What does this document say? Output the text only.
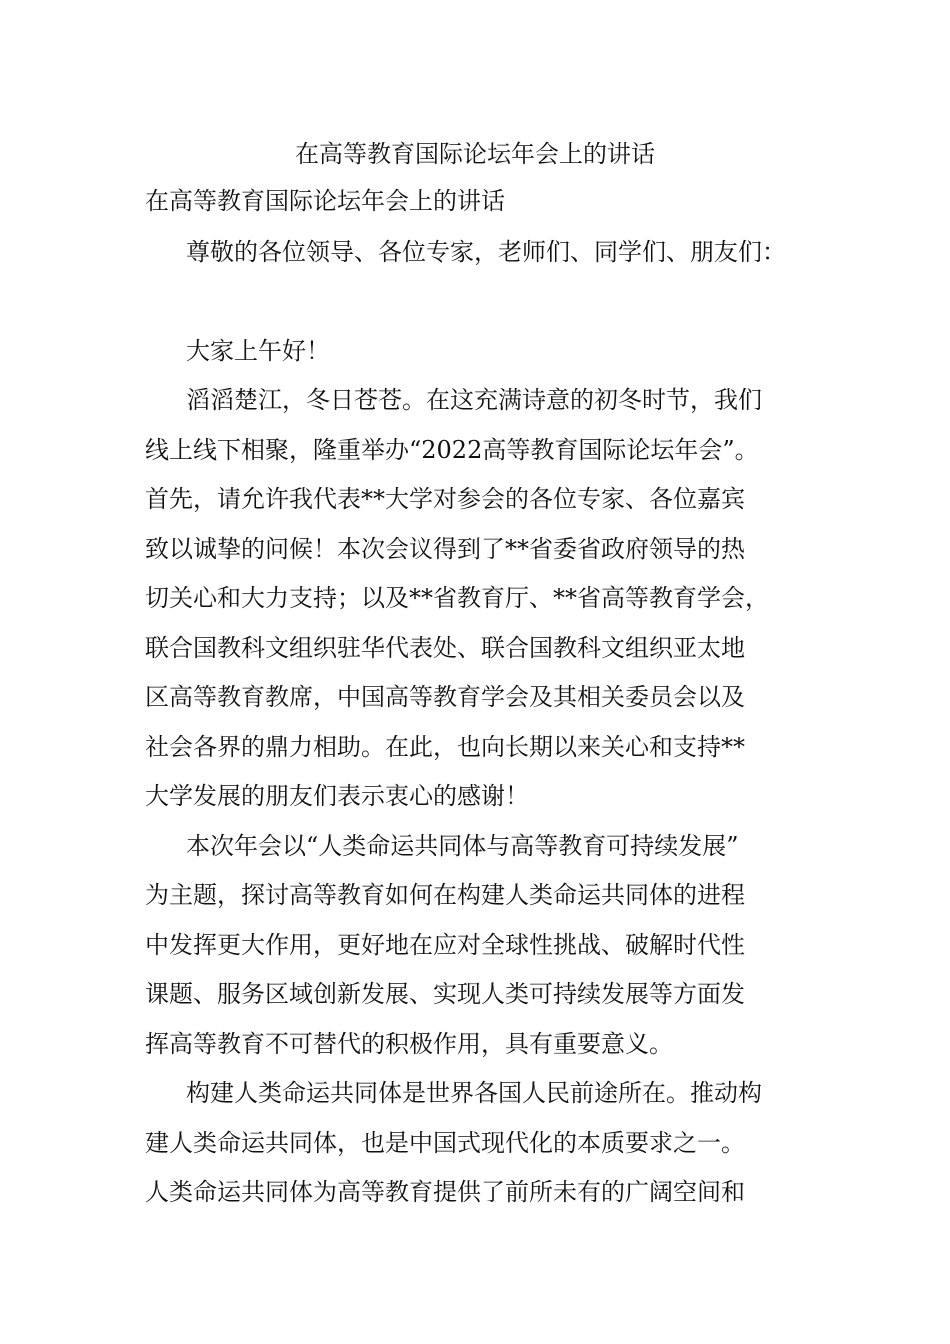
在高等教育国际论坛年会上的讲话
在高等教育国际论坛年会上的讲话
尊敬的各位领导、各位专家，老师们、同学们、朋友们：
大家上午好！
滔滔楚江，冬日苍苍。在这充满诗意的初冬时节，我们
线上线下相聚，隆重举办“2022高等教育国际论坛年会”。
首先，请允许我代表**大学对参会的各位专家、各位嘉宾
致以诚挚的问候！本次会议得到了**省委省政府领导的热
切关心和大力支持；以及**省教育厅、**省高等教育学会，
联合国教科文组织驻华代表处、联合国教科文组织亚太地
区高等教育教席，中国高等教育学会及其相关委员会以及
社会各界的鼎力相助。在此，也向长期以来关心和支持**
大学发展的朋友们表示衷心的感谢！
本次年会以“人类命运共同体与高等教育可持续发展”
为主题，探讨高等教育如何在构建人类命运共同体的进程
中发挥更大作用，更好地在应对全球性挑战、破解时代性
课题、服务区域创新发展、实现人类可持续发展等方面发
挥高等教育不可替代的积极作用，具有重要意义。
构建人类命运共同体是世界各国人民前途所在。推动构
建人类命运共同体，也是中国式现代化的本质要求之一。
人类命运共同体为高等教育提供了前所未有的广阔空间和
